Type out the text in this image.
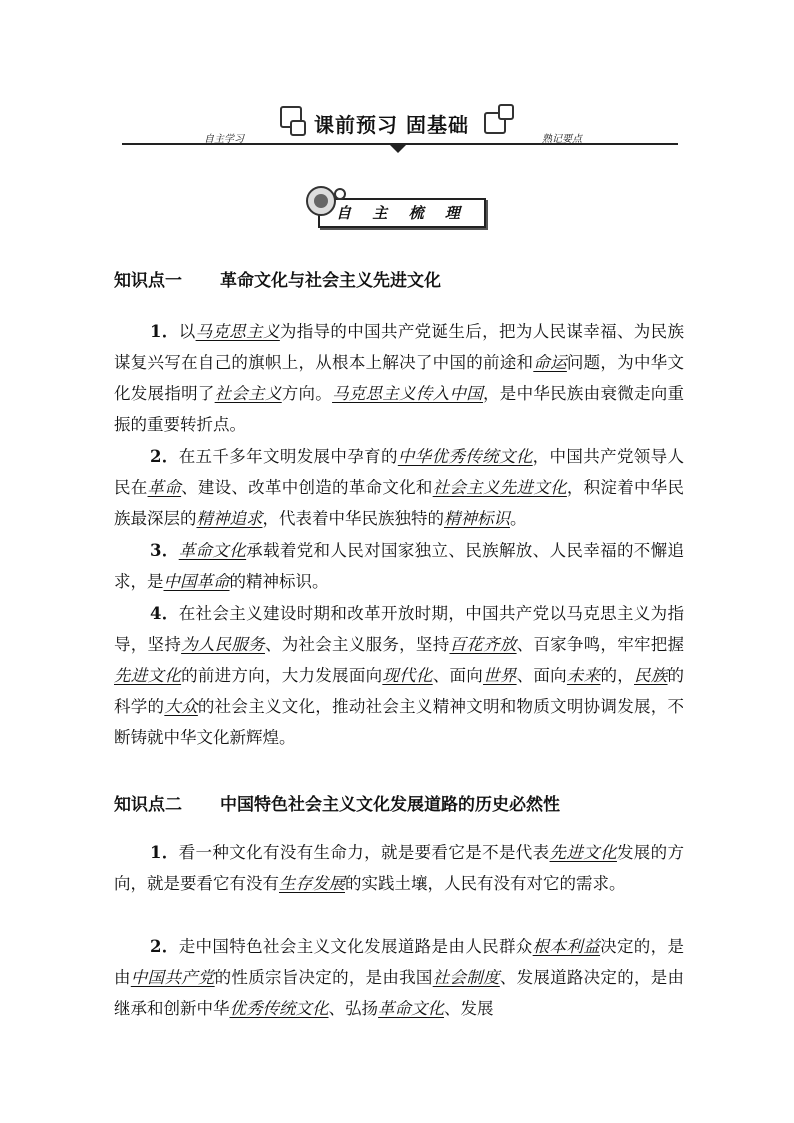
课前预习 固基础
自主学习	熟记要点
自 主 梳 理
知识点一 革命文化与社会主义先进文化
1．以马克思主义为指导的中国共产党诞生后，把为人民谋幸福、为民族谋复兴写在自己的旗帜上，从根本上解决了中国的前途和命运问题，为中华文化发展指明了社会主义方向。马克思主义传入中国，是中华民族由衰微走向重振的重要转折点。
2．在五千多年文明发展中孕育的中华优秀传统文化，中国共产党领导人民在革命、建设、改革中创造的革命文化和社会主义先进文化，积淀着中华民族最深层的精神追求，代表着中华民族独特的精神标识。
3．革命文化承载着党和人民对国家独立、民族解放、人民幸福的不懈追求，是中国革命的精神标识。
4．在社会主义建设时期和改革开放时期，中国共产党以马克思主义为指导，坚持为人民服务、为社会主义服务，坚持百花齐放、百家争鸣，牢牢把握先进文化的前进方向，大力发展面向现代化、面向世界、面向未来的，民族的科学的大众的社会主义文化，推动社会主义精神文明和物质文明协调发展，不断铸就中华文化新辉煌。
知识点二 中国特色社会主义文化发展道路的历史必然性
1．看一种文化有没有生命力，就是要看它是不是代表先进文化发展的方向，就是要看它有没有生存发展的实践土壤，人民有没有对它的需求。
2．走中国特色社会主义文化发展道路是由人民群众根本利益决定的，是由中国共产党的性质宗旨决定的，是由我国社会制度、发展道路决定的，是由继承和创新中华优秀传统文化、弘扬革命文化、发展
